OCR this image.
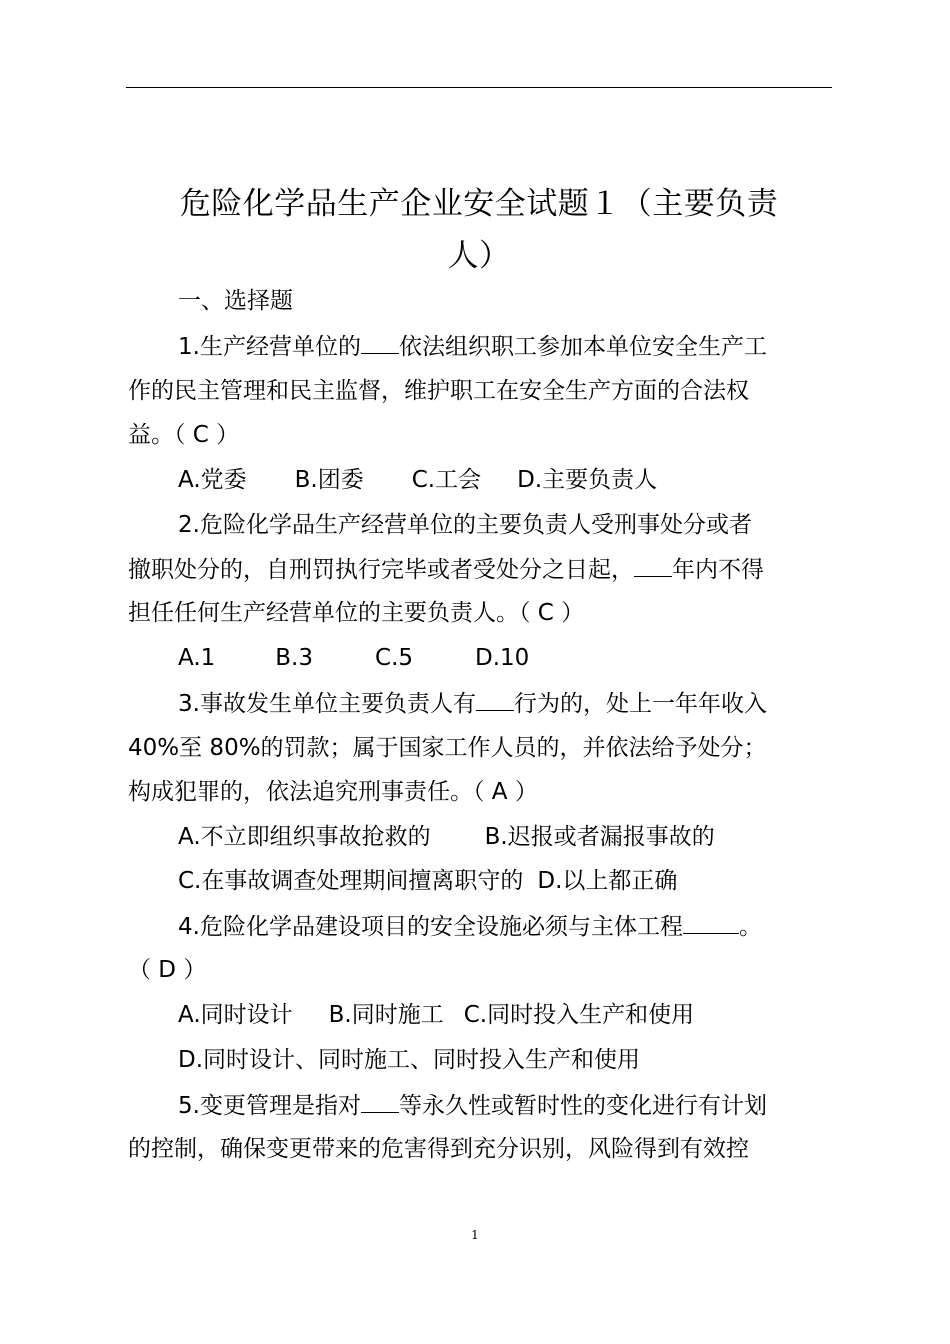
危险化学品生产企业安全试题１（主要负责
人）
一、选择题
1.生产经营单位的 依法组织职工参加本单位安全生产工
作的民主管理和民主监督，维护职工在安全生产方面的合法权
益。（ C ）
A.党委 B.团委 C.工会 D.主要负责人
2.危险化学品生产经营单位的主要负责人受刑事处分或者
撤职处分的，自刑罚执行完毕或者受处分之日起， 年内不得
担任任何生产经营单位的主要负责人。（ C ）
A.1	B.3	C.5	D.10
3.事故发生单位主要负责人有 行为的，处上一年年收入
40%至 80%的罚款；属于国家工作人员的，并依法给予处分；
构成犯罪的，依法追究刑事责任。（ A ）
A.不立即组织事故抢救的 B.迟报或者漏报事故的
C.在事故调查处理期间擅离职守的 D.以上都正确
4.危险化学品建设项目的安全设施必须与主体工程 。
（ D ）
A.同时设计 B.同时施工 C.同时投入生产和使用
D.同时设计、同时施工、同时投入生产和使用
5.变更管理是指对 等永久性或暂时性的变化进行有计划
的控制，确保变更带来的危害得到充分识别，风险得到有效控
1
